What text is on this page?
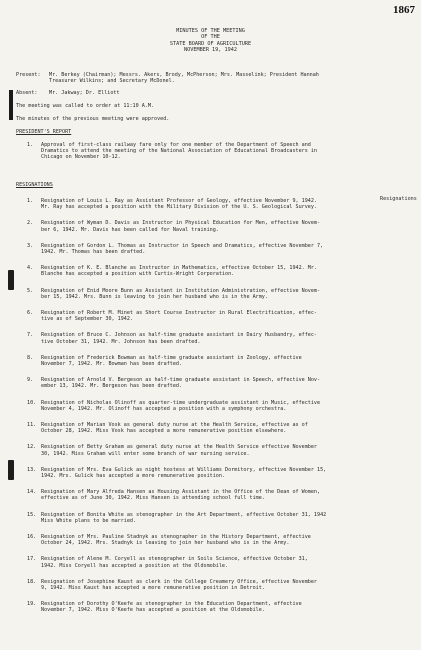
1867
MINUTES OF THE MEETING
OF THE
STATE BOARD OF AGRICULTURE
NOVEMBER 19, 1942
Present: Mr. Berkey (Chairman); Messrs. Akers, Brody, McPherson; Mrs. Masselink; President Hannah
Treasurer Wilkins; and Secretary McDonel.
Absent: Mr. Jakway; Dr. Elliott
The meeting was called to order at 11:10 A.M.
The minutes of the previous meeting were approved.
PRESIDENT'S REPORT
1. Approval of first-class railway fare only for one member of the Department of Speech and
Dramatics to attend the meeting of the National Association of Educational Broadcasters in
Chicago on November 10-12.
RESIGNATIONS
Resignations
1. Resignation of Louis L. Ray as Assistant Professor of Geology, effective November 9, 1942.
Mr. Ray has accepted a position with the Military Division of the U. S. Geological Survey.
2. Resignation of Wyman D. Davis as Instructor in Physical Education for Men, effective Novem-
ber 6, 1942. Mr. Davis has been called for Naval training.
3. Resignation of Gordon L. Thomas as Instructor in Speech and Dramatics, effective November 7,
1942. Mr. Thomas has been drafted.
4. Resignation of K. E. Blanche as Instructor in Mathematics, effective October 15, 1942. Mr.
Blanche has accepted a position with Curtis-Wright Corporation.
5. Resignation of Enid Moore Bunn as Assistant in Institution Administration, effective Novem-
ber 15, 1942. Mrs. Bunn is leaving to join her husband who is in the Army.
6. Resignation of Robert M. Minet as Short Course Instructor in Rural Electrification, effec-
tive as of September 30, 1942.
7. Resignation of Bruce C. Johnson as half-time graduate assistant in Dairy Husbandry, effec-
tive October 31, 1942. Mr. Johnson has been drafted.
8. Resignation of Frederick Bowman as half-time graduate assistant in Zoology, effective
November 7, 1942. Mr. Bowman has been drafted.
9. Resignation of Arnold V. Bergeson as half-time graduate assistant in Speech, effective Nov-
ember 13, 1942. Mr. Bergeson has been drafted.
10. Resignation of Nicholas Olinoff as quarter-time undergraduate assistant in Music, effective
November 4, 1942. Mr. Olinoff has accepted a position with a symphony orchestra.
11. Resignation of Marian Vosk as general duty nurse at the Health Service, effective as of
October 28, 1942. Miss Vosk has accepted a more remunerative position elsewhere.
12. Resignation of Betty Graham as general duty nurse at the Health Service effective November
30, 1942. Miss Graham will enter some branch of war nursing service.
13. Resignation of Mrs. Eva Gulick as night hostess at Williams Dormitory, effective November 15,
1942. Mrs. Gulick has accepted a more remunerative position.
14. Resignation of Mary Alfreda Hansen as Housing Assistant in the Office of the Dean of Women,
effective as of June 30, 1942. Miss Hansen is attending school full time.
15. Resignation of Bonita White as stenographer in the Art Department, effective October 31, 1942
Miss White plans to be married.
16. Resignation of Mrs. Pauline Stadnyk as stenographer in the History Department, effective
October 24, 1942. Mrs. Stadnyk is leaving to join her husband who is in the Army.
17. Resignation of Alene M. Coryell as stenographer in Soils Science, effective October 31,
1942. Miss Coryell has accepted a position at the Oldsmobile.
18. Resignation of Josephine Kaust as clerk in the College Creamery Office, effective November
9, 1942. Miss Kaust has accepted a more remunerative position in Detroit.
19. Resignation of Dorothy O'Keefe as stenographer in the Education Department, effective
November 7, 1942. Miss O'Keefe has accepted a position at the Oldsmobile.
